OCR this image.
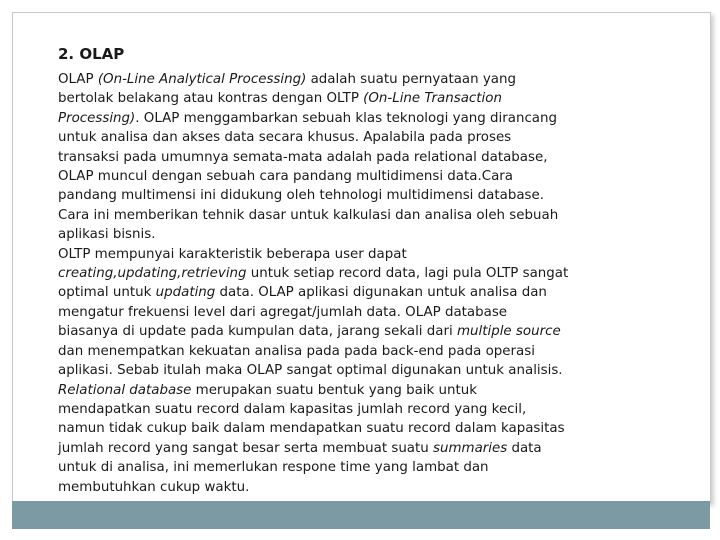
2. OLAP
OLAP (On-Line Analytical Processing) adalah suatu pernyataan yang
bertolak belakang atau kontras dengan OLTP (On-Line Transaction
Processing). OLAP menggambarkan sebuah klas teknologi yang dirancang
untuk analisa dan akses data secara khusus. Apalabila pada proses
transaksi pada umumnya semata-mata adalah pada relational database,
OLAP muncul dengan sebuah cara pandang multidimensi data.Cara
pandang multimensi ini didukung oleh tehnologi multidimensi database.
Cara ini memberikan tehnik dasar untuk kalkulasi dan analisa oleh sebuah
aplikasi bisnis.
OLTP mempunyai karakteristik beberapa user dapat
creating,updating,retrieving untuk setiap record data, lagi pula OLTP sangat
optimal untuk updating data. OLAP aplikasi digunakan untuk analisa dan
mengatur frekuensi level dari agregat/jumlah data. OLAP database
biasanya di update pada kumpulan data, jarang sekali dari multiple source
dan menempatkan kekuatan analisa pada pada back-end pada operasi
aplikasi. Sebab itulah maka OLAP sangat optimal digunakan untuk analisis.
Relational database merupakan suatu bentuk yang baik untuk
mendapatkan suatu record dalam kapasitas jumlah record yang kecil,
namun tidak cukup baik dalam mendapatkan suatu record dalam kapasitas
jumlah record yang sangat besar serta membuat suatu summaries data
untuk di analisa, ini memerlukan respone time yang lambat dan
membutuhkan cukup waktu.
